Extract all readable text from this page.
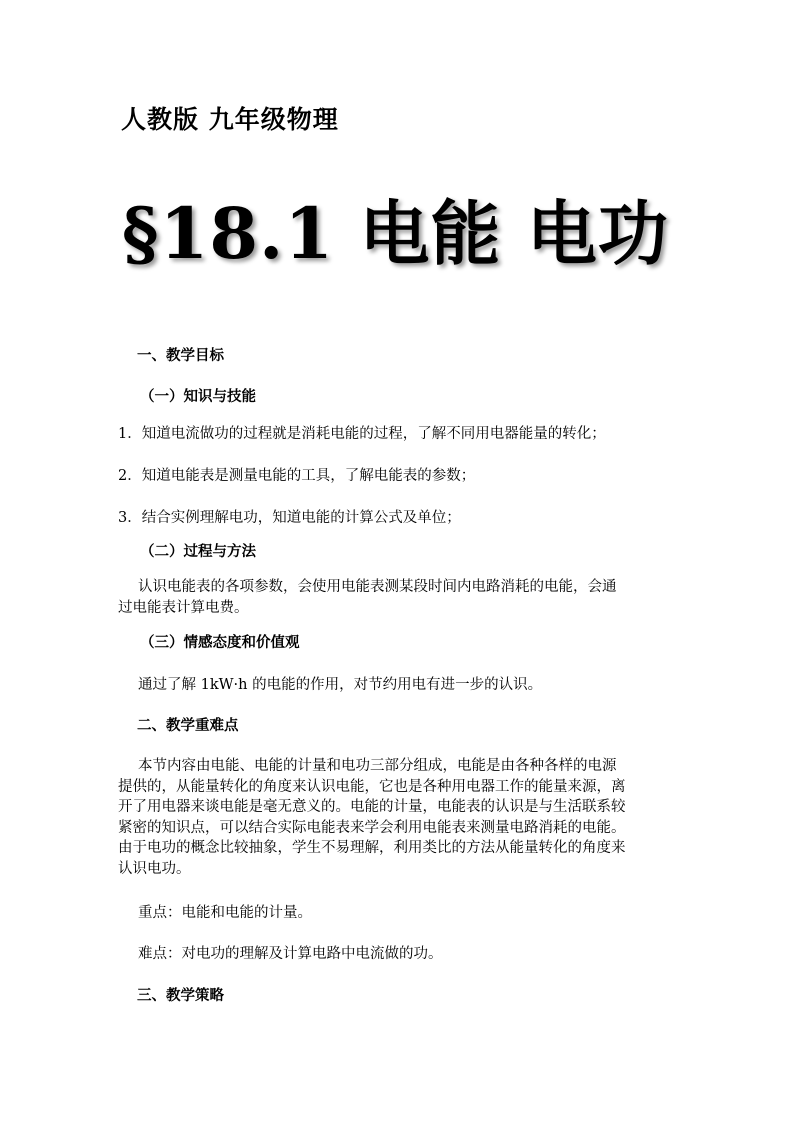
人教版 九年级物理
§18.1 电能 电功
一、教学目标
（一）知识与技能
1．知道电流做功的过程就是消耗电能的过程，了解不同用电器能量的转化；
2．知道电能表是测量电能的工具，了解电能表的参数；
3．结合实例理解电功，知道电能的计算公式及单位；
（二）过程与方法
认识电能表的各项参数，会使用电能表测某段时间内电路消耗的电能，会通
过电能表计算电费。
（三）情感态度和价值观
通过了解 1kW·h 的电能的作用，对节约用电有进一步的认识。
二、教学重难点
本节内容由电能、电能的计量和电功三部分组成，电能是由各种各样的电源
提供的，从能量转化的角度来认识电能，它也是各种用电器工作的能量来源，离
开了用电器来谈电能是毫无意义的。电能的计量，电能表的认识是与生活联系较
紧密的知识点，可以结合实际电能表来学会利用电能表来测量电路消耗的电能。
由于电功的概念比较抽象，学生不易理解，利用类比的方法从能量转化的角度来
认识电功。
重点：电能和电能的计量。
难点：对电功的理解及计算电路中电流做的功。
三、教学策略
